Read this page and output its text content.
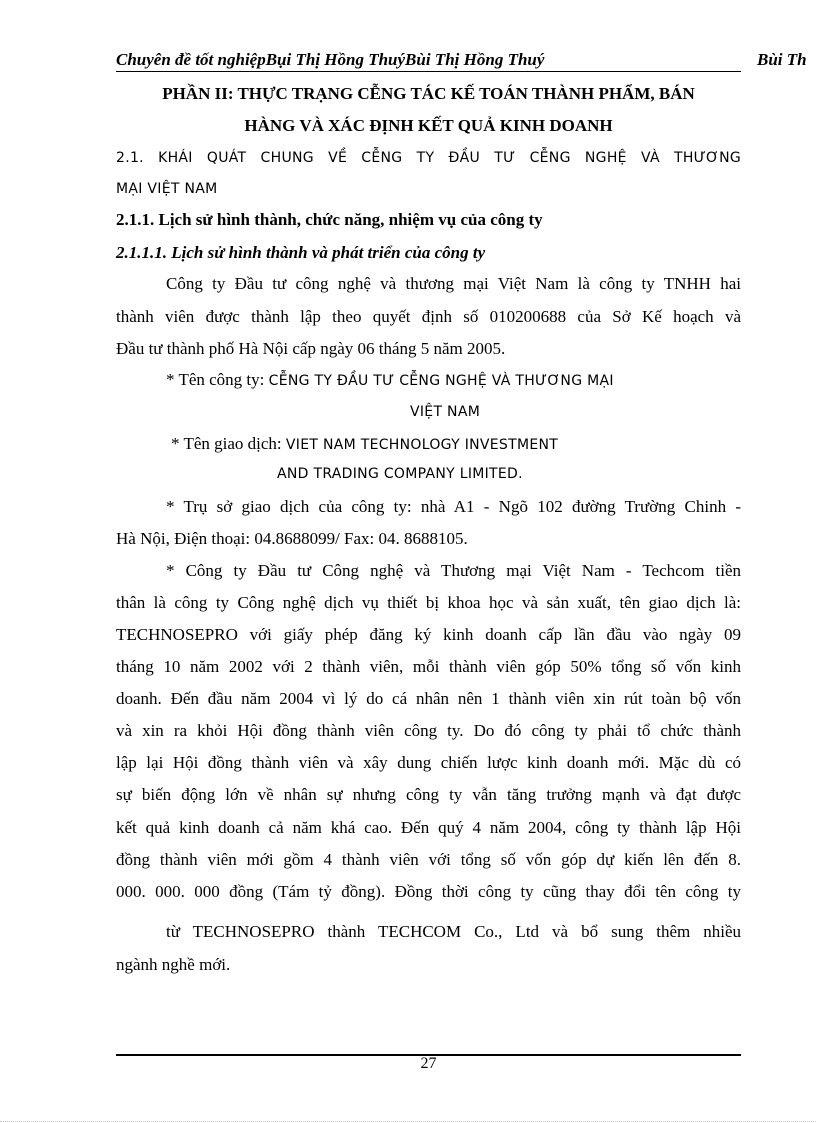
Chuyên đề tốt nghiệpBụi Thị Hồng ThuýBùi Thị Hồng Thuý	Bùi Th
PHẦN II: THỰC TRẠNG CỄNG TÁC KẾ TOÁN THÀNH PHẨM, BÁN
HÀNG VÀ XÁC ĐỊNH KẾT QUẢ KINH DOANH
2.1. KHÁI QUÁT CHUNG VỀ CỄNG TY ĐẦU TƯ CỄNG NGHỆ VÀ THƯƠNG
MẠI VIỆT NAM
2.1.1. Lịch sử hình thành, chức năng, nhiệm vụ của công ty
2.1.1.1. Lịch sử hình thành và phát triển của công ty
Công ty Đầu tư công nghệ và thương mại Việt Nam là công ty TNHH hai
thành viên được thành lập theo quyết định số 010200688 của Sở Kế hoạch và
Đầu tư thành phố Hà Nội cấp ngày 06 tháng 5 năm 2005.
* Tên công ty: CỄNG TY ĐẦU TƯ CỄNG NGHỆ VÀ THƯƠNG MẠI
VIỆT NAM
* Tên giao dịch: VIET NAM TECHNOLOGY INVESTMENT
AND TRADING COMPANY LIMITED.
* Trụ sở giao dịch của công ty: nhà A1 - Ngõ 102 đường Trường Chinh -
Hà Nội, Điện thoại: 04.8688099/ Fax: 04. 8688105.
* Công ty Đầu tư Công nghệ và Thương mại Việt Nam - Techcom tiền
thân là công ty Công nghệ dịch vụ thiết bị khoa học và sản xuất, tên giao dịch là:
TECHNOSEPRO với giấy phép đăng ký kinh doanh cấp lần đầu vào ngày 09
tháng 10 năm 2002 với 2 thành viên, mỗi thành viên góp 50% tổng số vốn kinh
doanh. Đến đầu năm 2004 vì lý do cá nhân nên 1 thành viên xin rút toàn bộ vốn
và xin ra khỏi Hội đồng thành viên công ty. Do đó công ty phải tổ chức thành
lập lại Hội đồng thành viên và xây dung chiến lược kinh doanh mới. Mặc dù có
sự biến động lớn về nhân sự nhưng công ty vẫn tăng trưởng mạnh và đạt được
kết quả kinh doanh cả năm khá cao. Đến quý 4 năm 2004, công ty thành lập Hội
đồng thành viên mới gồm 4 thành viên với tổng số vốn góp dự kiến lên đến 8.
000. 000. 000 đồng (Tám tỷ đồng). Đồng thời công ty cũng thay đổi tên công ty
từ TECHNOSEPRO thành TECHCOM Co., Ltd và bổ sung thêm nhiều
ngành nghề mới.
27
